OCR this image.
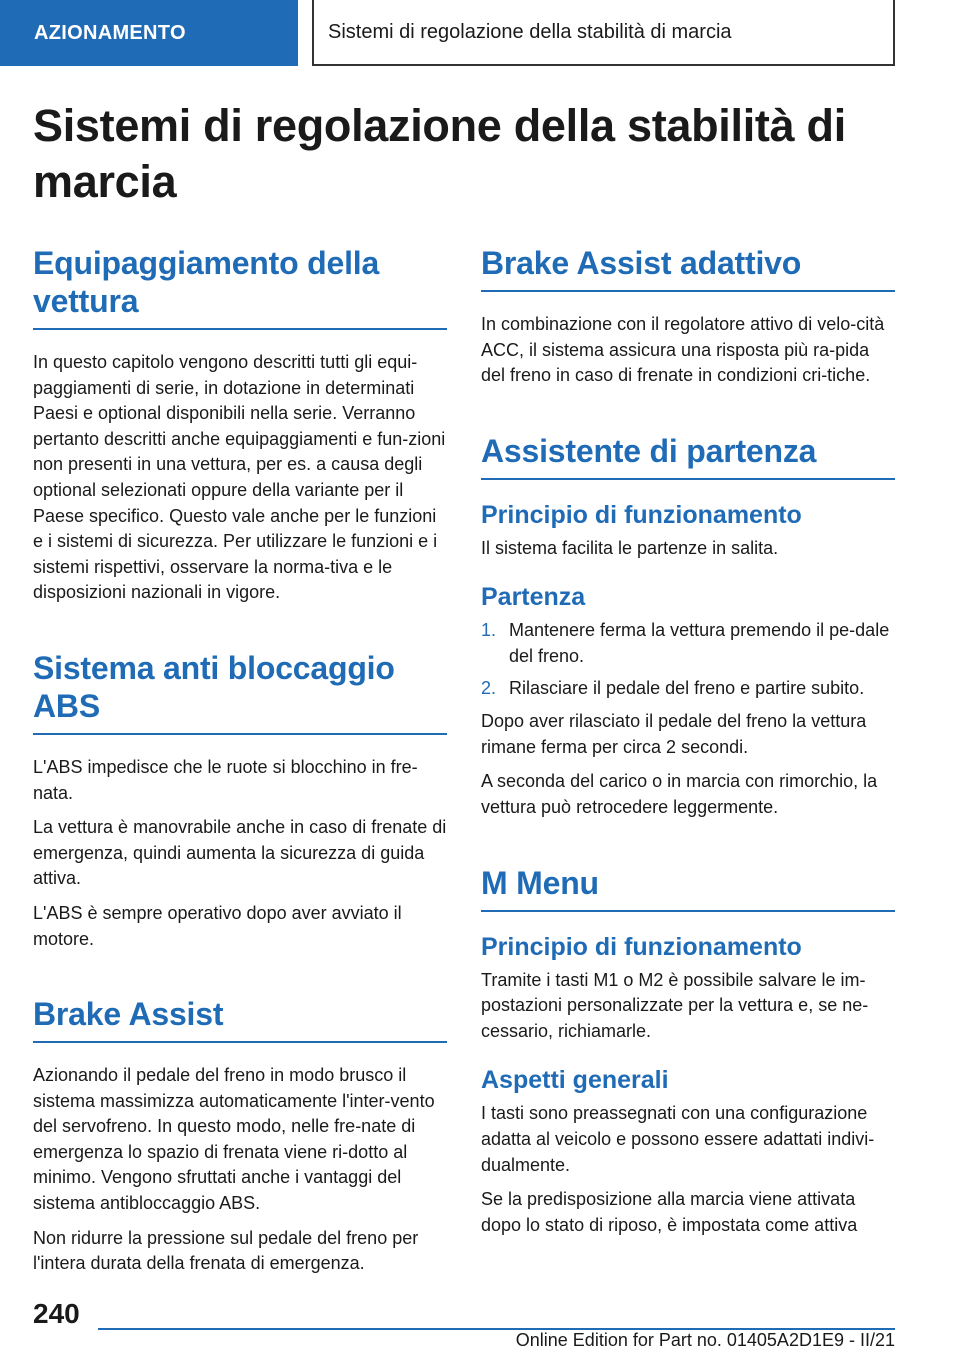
AZIONAMENTO	Sistemi di regolazione della stabilità di marcia
Sistemi di regolazione della stabilità di marcia
Equipaggiamento della vettura

In questo capitolo vengono descritti tutti gli equi-paggiamenti di serie, in dotazione in determinati Paesi e optional disponibili nella serie. Verranno pertanto descritti anche equipaggiamenti e fun-zioni non presenti in una vettura, per es. a causa degli optional selezionati oppure della variante per il Paese specifico. Questo vale anche per le funzioni e i sistemi di sicurezza. Per utilizzare le funzioni e i sistemi rispettivi, osservare la norma-tiva e le disposizioni nazionali in vigore.

Sistema anti bloccaggio ABS

L'ABS impedisce che le ruote si blocchino in fre-nata.

La vettura è manovrabile anche in caso di frenate di emergenza, quindi aumenta la sicurezza di guida attiva.

L'ABS è sempre operativo dopo aver avviato il motore.

Brake Assist

Azionando il pedale del freno in modo brusco il sistema massimizza automaticamente l'inter-vento del servofreno. In questo modo, nelle fre-nate di emergenza lo spazio di frenata viene ri-dotto al minimo. Vengono sfruttati anche i vantaggi del sistema antibloccaggio ABS.

Non ridurre la pressione sul pedale del freno per l'intera durata della frenata di emergenza.

Brake Assist adattivo

In combinazione con il regolatore attivo di velo-cità ACC, il sistema assicura una risposta più ra-pida del freno in caso di frenate in condizioni cri-tiche.

Assistente di partenza
Principio di funzionamento

Il sistema facilita le partenze in salita.

Partenza
1. Mantenere ferma la vettura premendo il pe-dale del freno.
2. Rilasciare il pedale del freno e partire subito.

Dopo aver rilasciato il pedale del freno la vettura rimane ferma per circa 2 secondi.

A seconda del carico o in marcia con rimorchio, la vettura può retrocedere leggermente.

M Menu
Principio di funzionamento

Tramite i tasti M1 o M2 è possibile salvare le im-postazioni personalizzate per la vettura e, se ne-cessario, richiamarle.

Aspetti generali

I tasti sono preassegnati con una configurazione adatta al veicolo e possono essere adattati indivi-dualmente.

Se la predisposizione alla marcia viene attivata dopo lo stato di riposo, è impostata come attiva

240
Online Edition for Part no. 01405A2D1E9 - II/21
